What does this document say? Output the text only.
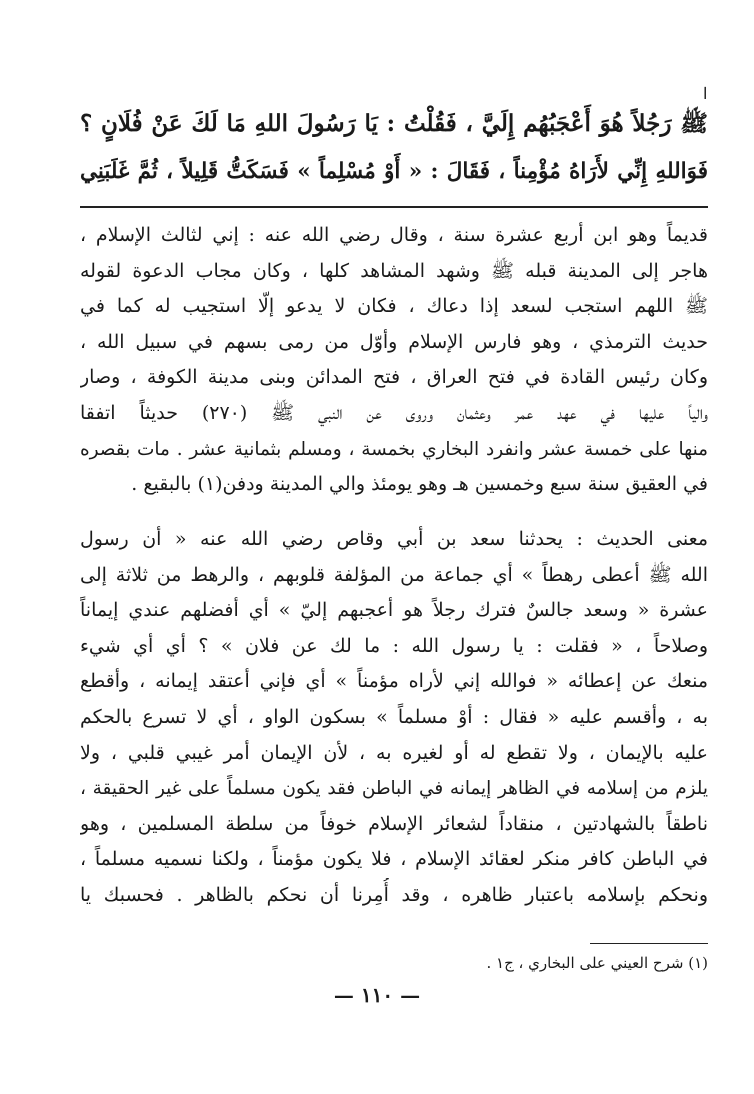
ا
ﷺ رَجُلاً هُوَ أَعْجَبُهُم إِلَيَّ ، فَقُلْتُ : يَا رَسُولَ اللهِ مَا لَكَ عَنْ فُلَانٍ ؟
فَوَاللهِ إِنِّي لأَرَاهُ مُؤْمِناً ، فَقَالَ : « أَوْ مُسْلِماً » فَسَكَتُّ قَلِيلاً ، ثُمَّ غَلَبَنِي
قديماً وهو ابن أربع عشرة سنة ، وقال رضي الله عنه : إني لثالث الإسلام ،
هاجر إلى المدينة قبله ﷺ وشهد المشاهد كلها ، وكان مجاب الدعوة لقوله
ﷺ اللهم استجب لسعد إذا دعاك ، فكان لا يدعو إلّا استجيب له كما في
حديث الترمذي ، وهو فارس الإسلام وأوّل من رمى بسهم في سبيل الله ،
وكان رئيس القادة في فتح العراق ، فتح المدائن وبنى مدينة الكوفة ، وصار
والياً عليها في عهد عمر وعثمان وروى عن النبي ﷺ (٢٧٠) حديثاً اتفقا
منها على خمسة عشر وانفرد البخاري بخمسة ، ومسلم بثمانية عشر . مات بقصره
في العقيق سنة سبع وخمسين هـ وهو يومئذ والي المدينة ودفن(١) بالبقيع .
معنى الحديث : يحدثنا سعد بن أبي وقاص رضي الله عنه « أن رسول
الله ﷺ أعطى رهطاً » أي جماعة من المؤلفة قلوبهم ، والرهط من ثلاثة إلى
عشرة « وسعد جالسٌ فترك رجلاً هو أعجبهم إليّ » أي أفضلهم عندي إيماناً
وصلاحاً ، « فقلت : يا رسول الله : ما لك عن فلان » ؟ أي أي شيء
منعك عن إعطائه « فوالله إني لأراه مؤمناً » أي فإني أعتقد إيمانه ، وأقطع
به ، وأقسم عليه « فقال : أوْ مسلماً » بسكون الواو ، أي لا تسرع بالحكم
عليه بالإيمان ، ولا تقطع له أو لغيره به ، لأن الإيمان أمر غيبي قلبي ، ولا
يلزم من إسلامه في الظاهر إيمانه في الباطن فقد يكون مسلماً على غير الحقيقة ،
ناطقاً بالشهادتين ، منقاداً لشعائر الإسلام خوفاً من سلطة المسلمين ، وهو
في الباطن كافر منكر لعقائد الإسلام ، فلا يكون مؤمناً ، ولكنا نسميه مسلماً ،
ونحكم بإسلامه باعتبار ظاهره ، وقد أُمِرنا أن نحكم بالظاهر . فحسبك يا
(١) شرح العيني على البخاري ، ج١ .
— ١١٠ —
